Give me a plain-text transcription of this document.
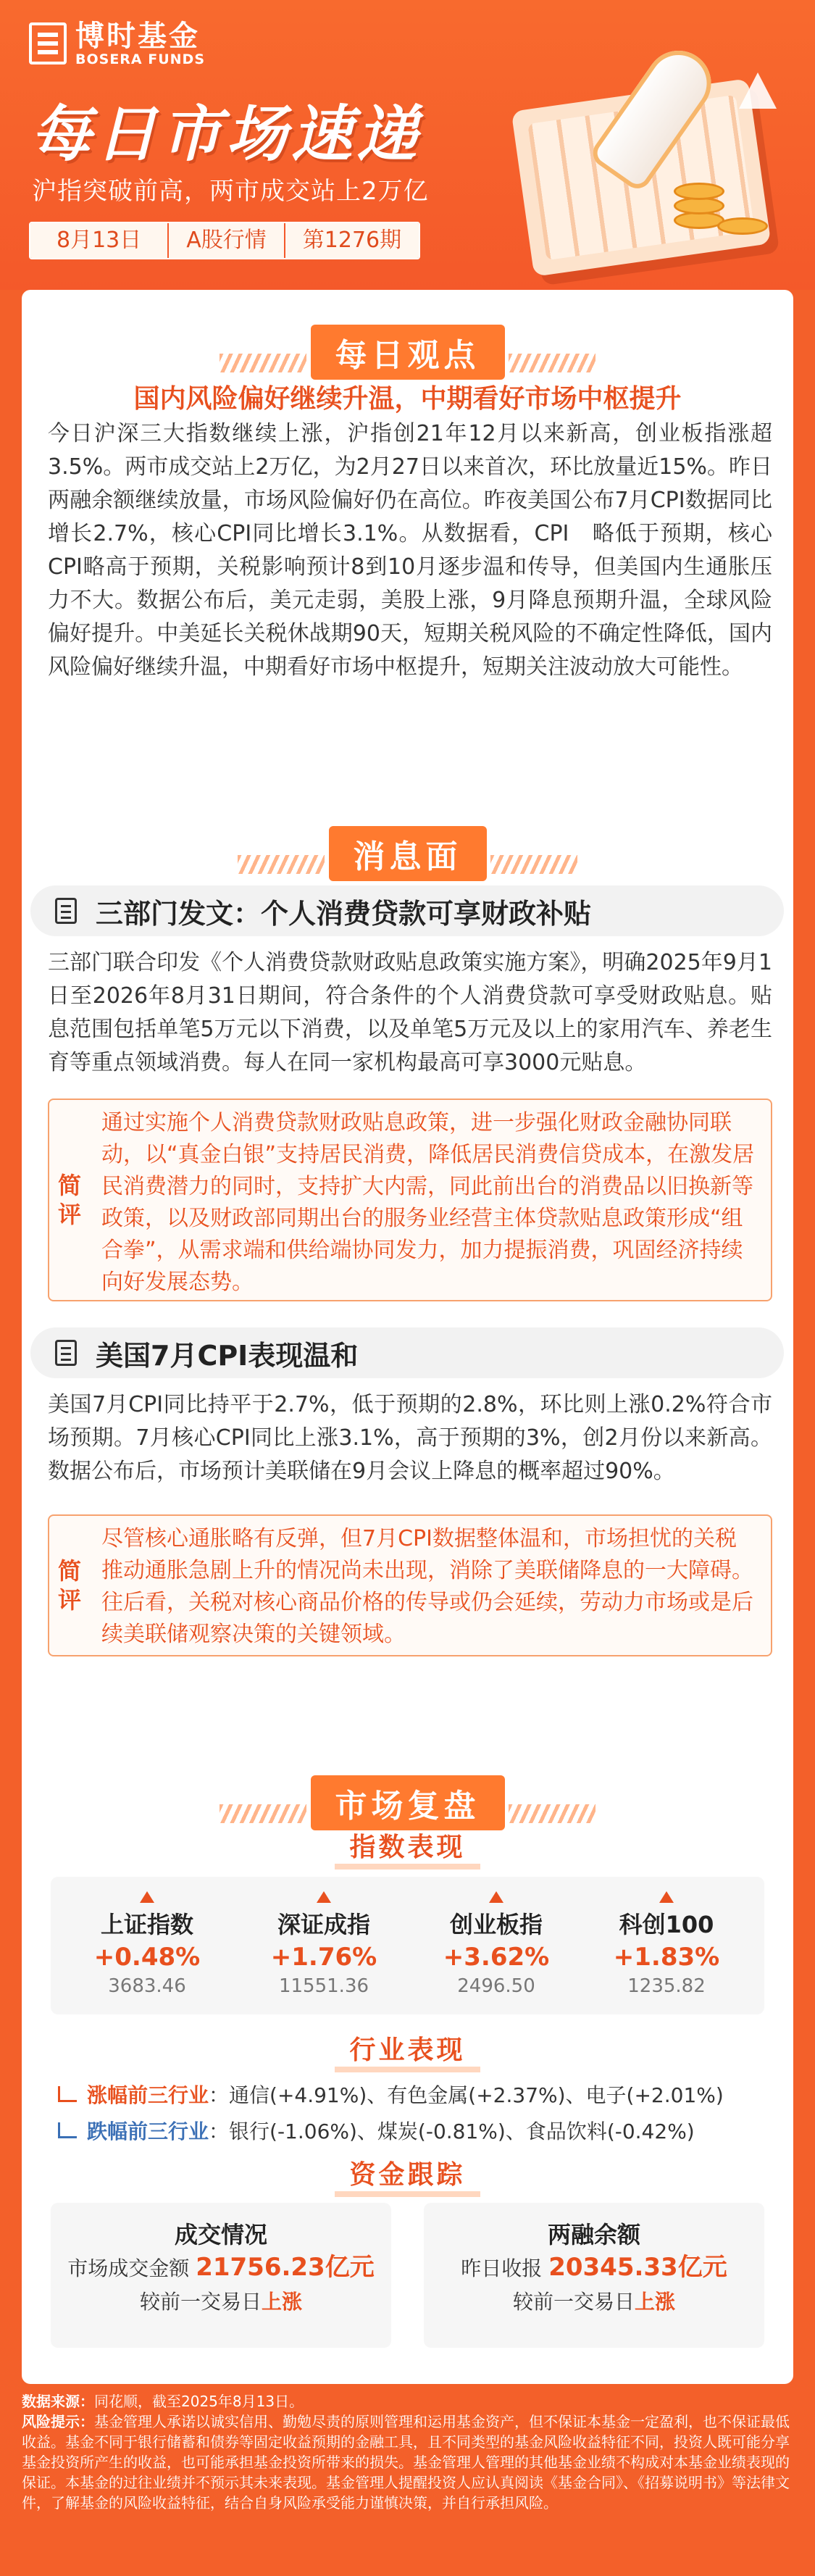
博时基金
BOSERA FUNDS
每日市场速递
沪指突破前高，两市成交站上2万亿
8月13日	A股行情	第1276期
每日观点
国内风险偏好继续升温，中期看好市场中枢提升
今日沪深三大指数继续上涨，沪指创21年12月以来新高，创业板指涨超3.5%。两市成交站上2万亿，为2月27日以来首次，环比放量近15%。昨日两融余额继续放量，市场风险偏好仍在高位。昨夜美国公布7月CPI数据同比增长2.7%，核心CPI同比增长3.1%。从数据看，CPI　略低于预期，核心CPI略高于预期，关税影响预计8到10月逐步温和传导，但美国内生通胀压力不大。数据公布后，美元走弱，美股上涨，9月降息预期升温，全球风险偏好提升。中美延长关税休战期90天，短期关税风险的不确定性降低，国内风险偏好继续升温，中期看好市场中枢提升，短期关注波动放大可能性。
消息面
三部门发文：个人消费贷款可享财政补贴
三部门联合印发《个人消费贷款财政贴息政策实施方案》，明确2025年9月1日至2026年8月31日期间，符合条件的个人消费贷款可享受财政贴息。贴息范围包括单笔5万元以下消费，以及单笔5万元及以上的家用汽车、养老生育等重点领域消费。每人在同一家机构最高可享3000元贴息。
简评
通过实施个人消费贷款财政贴息政策，进一步强化财政金融协同联动，以“真金白银”支持居民消费，降低居民消费信贷成本，在激发居民消费潜力的同时，支持扩大内需，同此前出台的消费品以旧换新等政策，以及财政部同期出台的服务业经营主体贷款贴息政策形成“组合拳”，从需求端和供给端协同发力，加力提振消费，巩固经济持续向好发展态势。
美国7月CPI表现温和
美国7月CPI同比持平于2.7%，低于预期的2.8%，环比则上涨0.2%符合市场预期。7月核心CPI同比上涨3.1%，高于预期的3%，创2月份以来新高。数据公布后，市场预计美联储在9月会议上降息的概率超过90%。
简评
尽管核心通胀略有反弹，但7月CPI数据整体温和，市场担忧的关税推动通胀急剧上升的情况尚未出现，消除了美联储降息的一大障碍。往后看，关税对核心商品价格的传导或仍会延续，劳动力市场或是后续美联储观察决策的关键领域。
市场复盘
指数表现
上证指数
+0.48%
3683.46
深证成指
+1.76%
11551.36
创业板指
+3.62%
2496.50
科创100
+1.83%
1235.82
行业表现
涨幅前三行业 ：通信(+4.91%)、有色金属(+2.37%)、电子(+2.01%)
跌幅前三行业 ：银行(-1.06%)、煤炭(-0.81%)、食品饮料(-0.42%)
资金跟踪
成交情况
市场成交金额 21756.23亿元
较前一交易日上涨
两融余额
昨日收报 20345.33亿元
较前一交易日上涨
数据来源：同花顺，截至2025年8月13日。
风险提示：基金管理人承诺以诚实信用、勤勉尽责的原则管理和运用基金资产，但不保证本基金一定盈利，也不保证最低收益。基金不同于银行储蓄和债券等固定收益预期的金融工具，且不同类型的基金风险收益特征不同，投资人既可能分享基金投资所产生的收益，也可能承担基金投资所带来的损失。基金管理人管理的其他基金业绩不构成对本基金业绩表现的保证。本基金的过往业绩并不预示其未来表现。基金管理人提醒投资人应认真阅读《基金合同》、《招募说明书》等法律文件，了解基金的风险收益特征，结合自身风险承受能力谨慎决策，并自行承担风险。
